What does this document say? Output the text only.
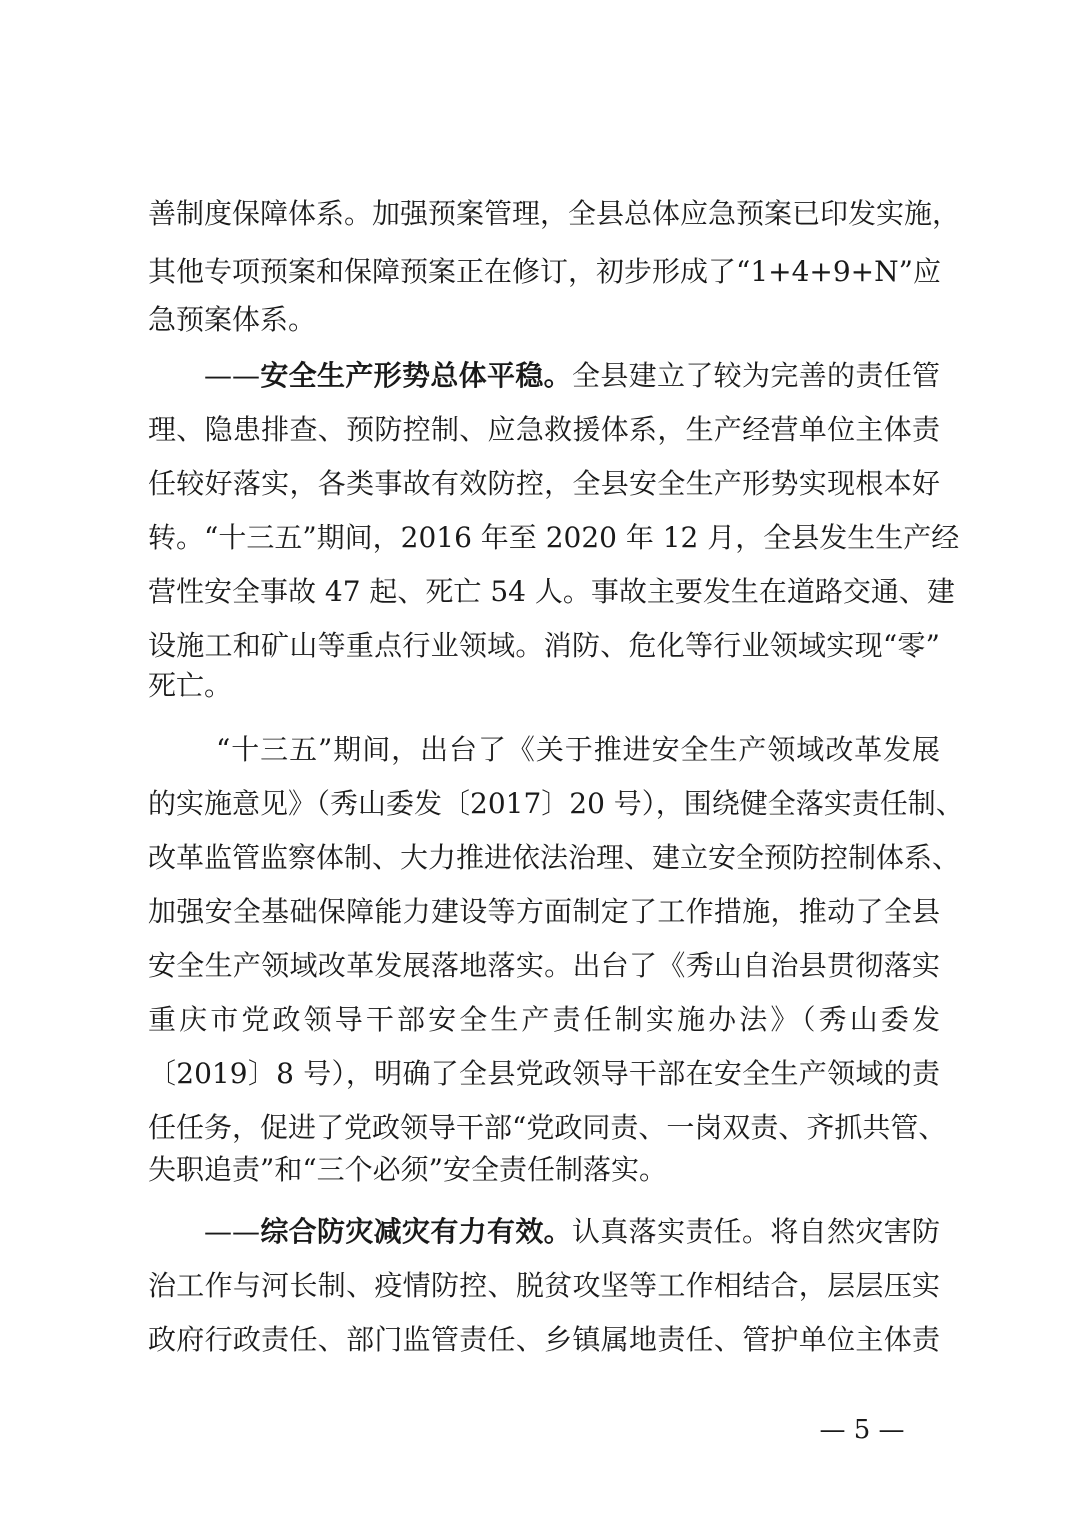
善制度保障体系。加强预案管理，全县总体应急预案已印发实施，
其他专项预案和保障预案正在修订，初步形成了“1+4+9+N”应
急预案体系。
——安全生产形势总体平稳。全县建立了较为完善的责任管
理、隐患排查、预防控制、应急救援体系，生产经营单位主体责
任较好落实，各类事故有效防控，全县安全生产形势实现根本好
转。“十三五”期间，2016 年至 2020 年 12 月，全县发生生产经
营性安全事故 47 起、死亡 54 人。事故主要发生在道路交通、建
设施工和矿山等重点行业领域。消防、危化等行业领域实现“零”
死亡。
“十三五”期间，出台了《关于推进安全生产领域改革发展
的实施意见》（秀山委发〔2017〕20 号），围绕健全落实责任制、
改革监管监察体制、大力推进依法治理、建立安全预防控制体系、
加强安全基础保障能力建设等方面制定了工作措施，推动了全县
安全生产领域改革发展落地落实。出台了《秀山自治县贯彻落实
重庆市党政领导干部安全生产责任制实施办法》（秀山委发
〔2019〕8 号），明确了全县党政领导干部在安全生产领域的责
任任务，促进了党政领导干部“党政同责、一岗双责、齐抓共管、
失职追责”和“三个必须”安全责任制落实。
——综合防灾减灾有力有效。认真落实责任。将自然灾害防
治工作与河长制、疫情防控、脱贫攻坚等工作相结合，层层压实
政府行政责任、部门监管责任、乡镇属地责任、管护单位主体责
— 5 —
